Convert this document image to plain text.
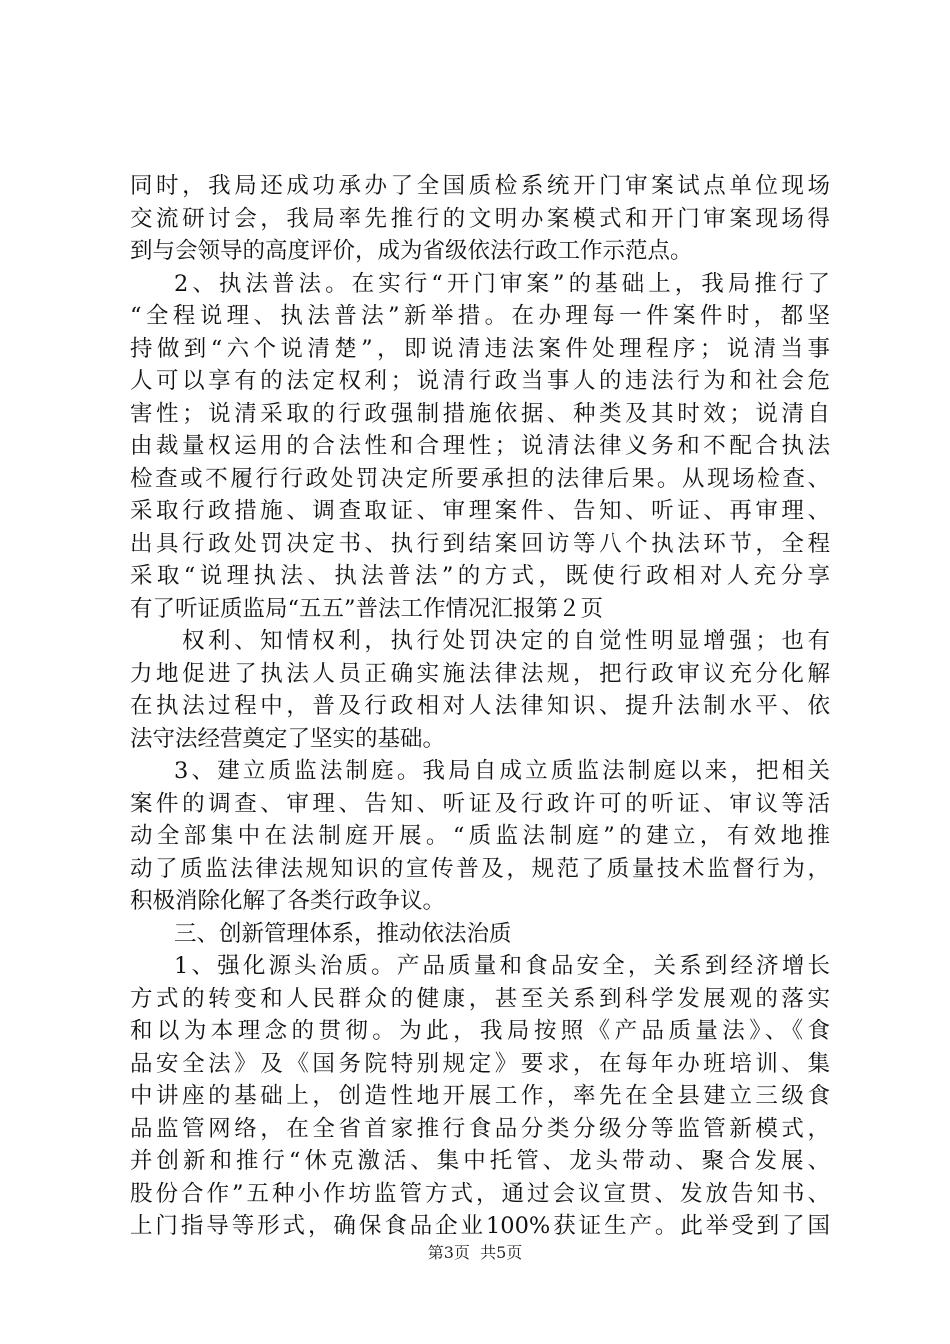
同时，我局还成功承办了全国质检系统开门审案试点单位现场
交流研讨会，我局率先推行的文明办案模式和开门审案现场得
到与会领导的高度评价，成为省级依法行政工作示范点。
2、执法普法。在实行“开门审案”的基础上，我局推行了
“全程说理、执法普法”新举措。在办理每一件案件时，都坚
持做到“六个说清楚”，即说清违法案件处理程序；说清当事
人可以享有的法定权利；说清行政当事人的违法行为和社会危
害性；说清采取的行政强制措施依据、种类及其时效；说清自
由裁量权运用的合法性和合理性；说清法律义务和不配合执法
检查或不履行行政处罚决定所要承担的法律后果。从现场检查、
采取行政措施、调查取证、审理案件、告知、听证、再审理、
出具行政处罚决定书、执行到结案回访等八个执法环节，全程
采取“说理执法、执法普法”的方式，既使行政相对人充分享
有了听证质监局“五五”普法工作情况汇报第２页
权利、知情权利，执行处罚决定的自觉性明显增强；也有
力地促进了执法人员正确实施法律法规，把行政审议充分化解
在执法过程中，普及行政相对人法律知识、提升法制水平、依
法守法经营奠定了坚实的基础。
3、建立质监法制庭。我局自成立质监法制庭以来，把相关
案件的调查、审理、告知、听证及行政许可的听证、审议等活
动全部集中在法制庭开展。“质监法制庭”的建立，有效地推
动了质监法律法规知识的宣传普及，规范了质量技术监督行为，
积极消除化解了各类行政争议。
三、创新管理体系，推动依法治质
1、强化源头治质。产品质量和食品安全，关系到经济增长
方式的转变和人民群众的健康，甚至关系到科学发展观的落实
和以为本理念的贯彻。为此，我局按照《产品质量法》、《食
品安全法》及《国务院特别规定》要求，在每年办班培训、集
中讲座的基础上，创造性地开展工作，率先在全县建立三级食
品监管网络，在全省首家推行食品分类分级分等监管新模式，
并创新和推行“休克激活、集中托管、龙头带动、聚合发展、
股份合作”五种小作坊监管方式，通过会议宣贯、发放告知书、
上门指导等形式，确保食品企业100%获证生产。此举受到了国
第3页  共5页
